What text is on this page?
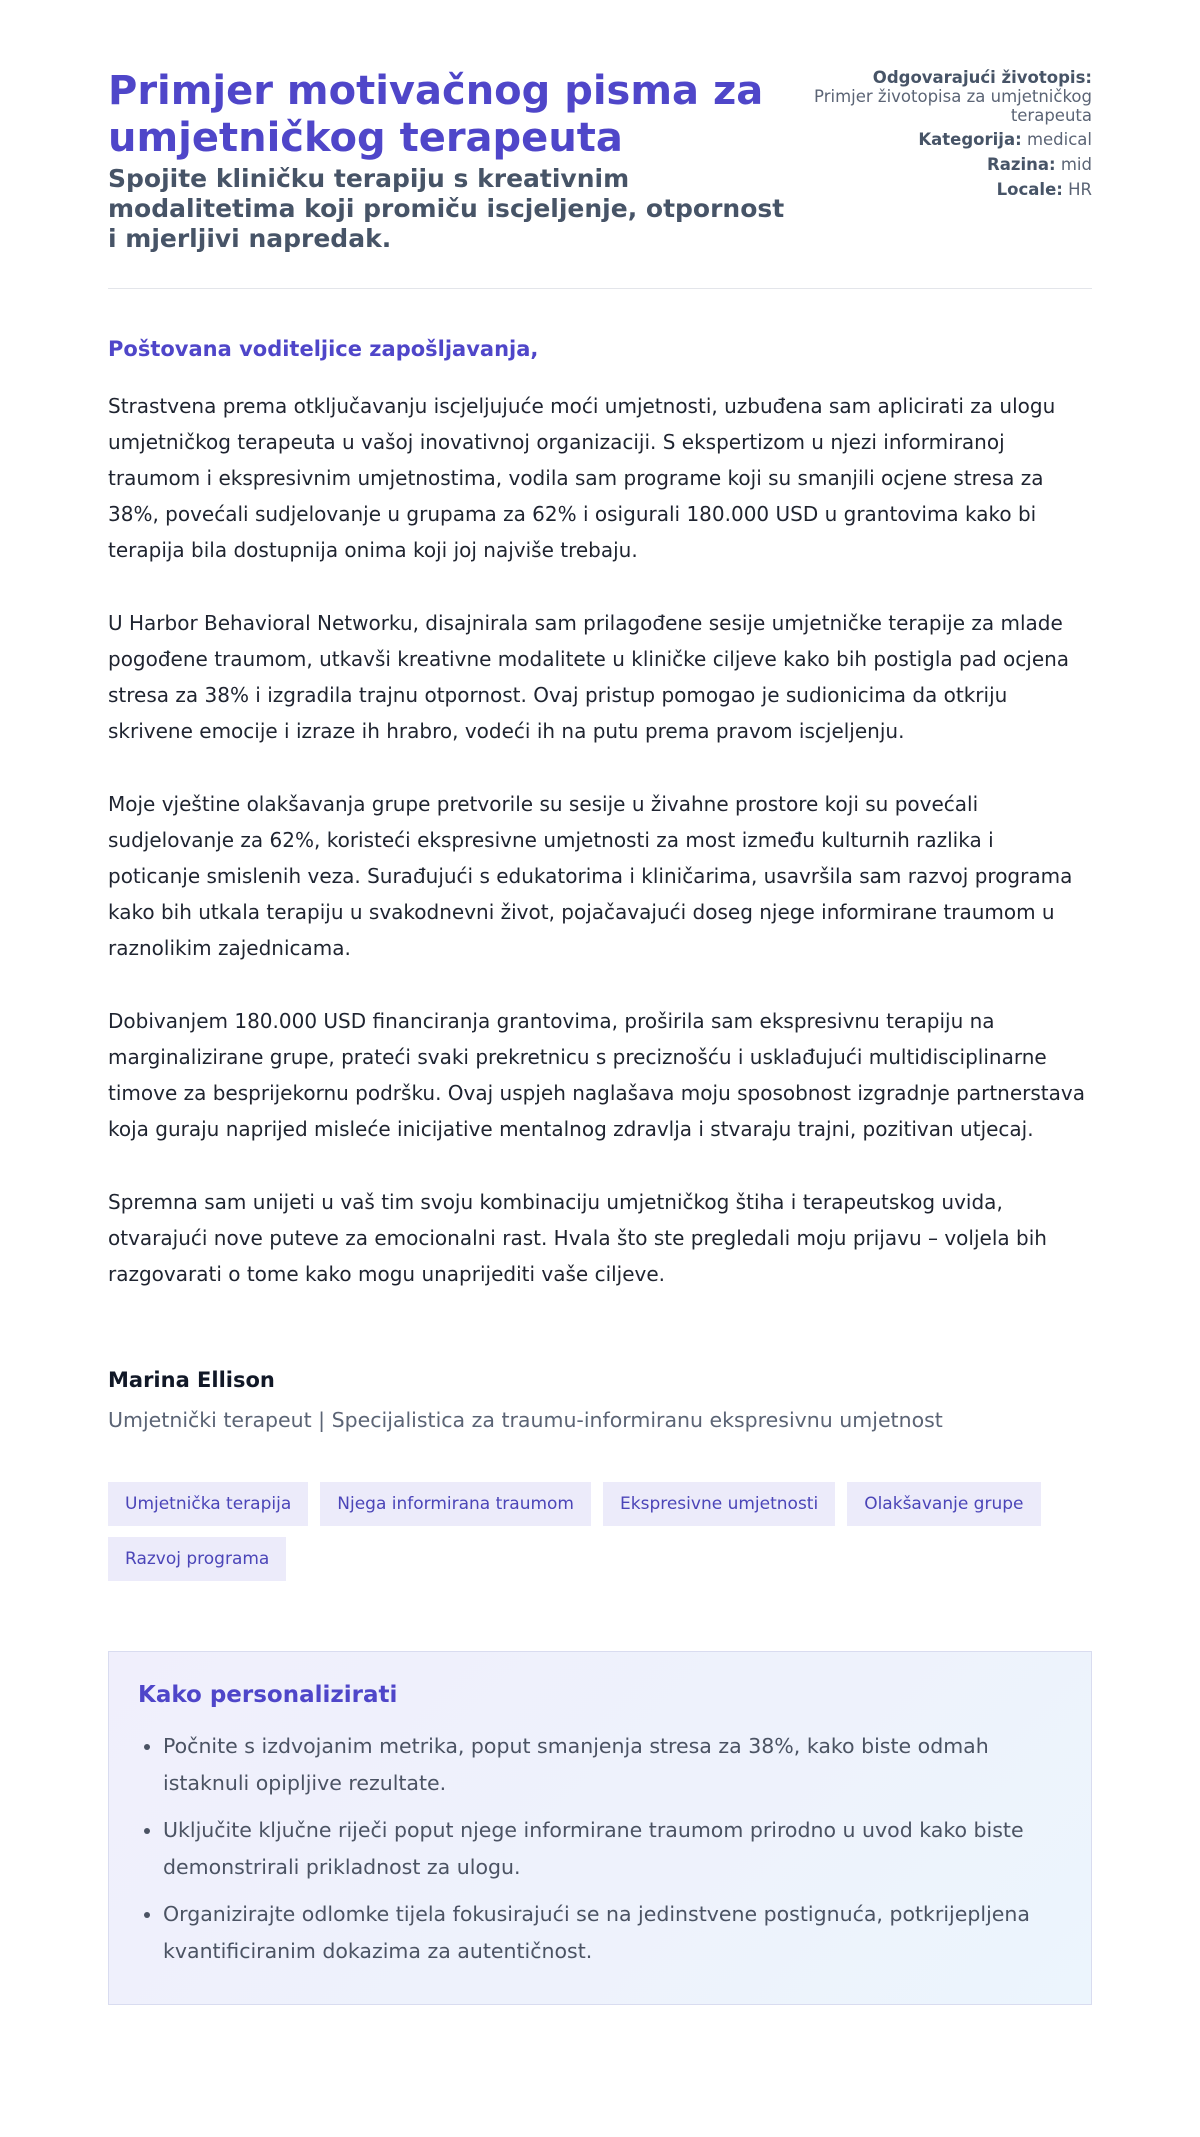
Primjer motivačnog pisma za umjetničkog terapeuta
Spojite kliničku terapiju s kreativnim modalitetima koji promiču iscjeljenje, otpornost i mjerljivi napredak.
Odgovarajući životopis:
Primjer životopisa za umjetničkog terapeuta
Kategorija: medical
Razina: mid
Locale: HR

Poštovana voditeljice zapošljavanja,

Strastvena prema otključavanju iscjeljujuće moći umjetnosti, uzbuđena sam aplicirati za ulogu umjetničkog terapeuta u vašoj inovativnoj organizaciji. S ekspertizom u njezi informiranoj traumom i ekspresivnim umjetnostima, vodila sam programe koji su smanjili ocjene stresa za 38%, povećali sudjelovanje u grupama za 62% i osigurali 180.000 USD u grantovima kako bi terapija bila dostupnija onima koji joj najviše trebaju.

U Harbor Behavioral Networku, disajnirala sam prilagođene sesije umjetničke terapije za mlade pogođene traumom, utkavši kreativne modalitete u kliničke ciljeve kako bih postigla pad ocjena stresa za 38% i izgradila trajnu otpornost. Ovaj pristup pomogao je sudionicima da otkriju skrivene emocije i izraze ih hrabro, vodeći ih na putu prema pravom iscjeljenju.

Moje vještine olakšavanja grupe pretvorile su sesije u živahne prostore koji su povećali sudjelovanje za 62%, koristeći ekspresivne umjetnosti za most između kulturnih razlika i poticanje smislenih veza. Surađujući s edukatorima i kliničarima, usavršila sam razvoj programa kako bih utkala terapiju u svakodnevni život, pojačavajući doseg njege informirane traumom u raznolikim zajednicama.

Dobivanjem 180.000 USD financiranja grantovima, proširila sam ekspresivnu terapiju na marginalizirane grupe, prateći svaki prekretnicu s preciznošću i usklađujući multidisciplinarne timove za besprijekornu podršku. Ovaj uspjeh naglašava moju sposobnost izgradnje partnerstava koja guraju naprijed misleće inicijative mentalnog zdravlja i stvaraju trajni, pozitivan utjecaj.

Spremna sam unijeti u vaš tim svoju kombinaciju umjetničkog štiha i terapeutskog uvida, otvarajući nove puteve za emocionalni rast. Hvala što ste pregledali moju prijavu – voljela bih razgovarati o tome kako mogu unaprijediti vaše ciljeve.

Marina Ellison

Umjetnički terapeut | Specijalistica za traumu-informiranu ekspresivnu umjetnost

Umjetnička terapija	Njega informirana traumom	Ekspresivne umjetnosti	Olakšavanje grupe
Razvoj programa
Kako personalizirati
• Počnite s izdvojanim metrika, poput smanjenja stresa za 38%, kako biste odmah istaknuli opipljive rezultate.
• Uključite ključne riječi poput njege informirane traumom prirodno u uvod kako biste demonstrirali prikladnost za ulogu.
• Organizirajte odlomke tijela fokusirajući se na jedinstvene postignuća, potkrijepljena kvantificiranim dokazima za autentičnost.
